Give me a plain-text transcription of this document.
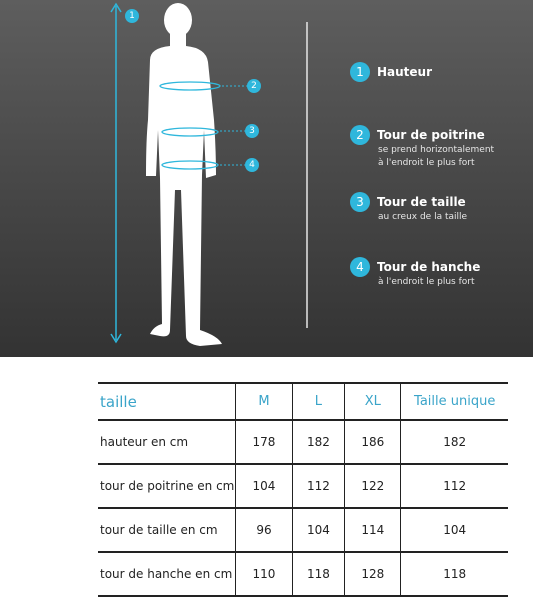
1
2
3
4
1	Hauteur
2	Tour de poitrine
se prend horizontalement
à l'endroit le plus fort
3	Tour de taille
au creux de la taille
4	Tour de hanche
à l'endroit le plus fort
taille	M	L	XL	Taille unique
hauteur en cm	178	182	186	182
tour de poitrine en cm	104	112	122	112
tour de taille en cm	96	104	114	104
tour de hanche en cm	110	118	128	118
